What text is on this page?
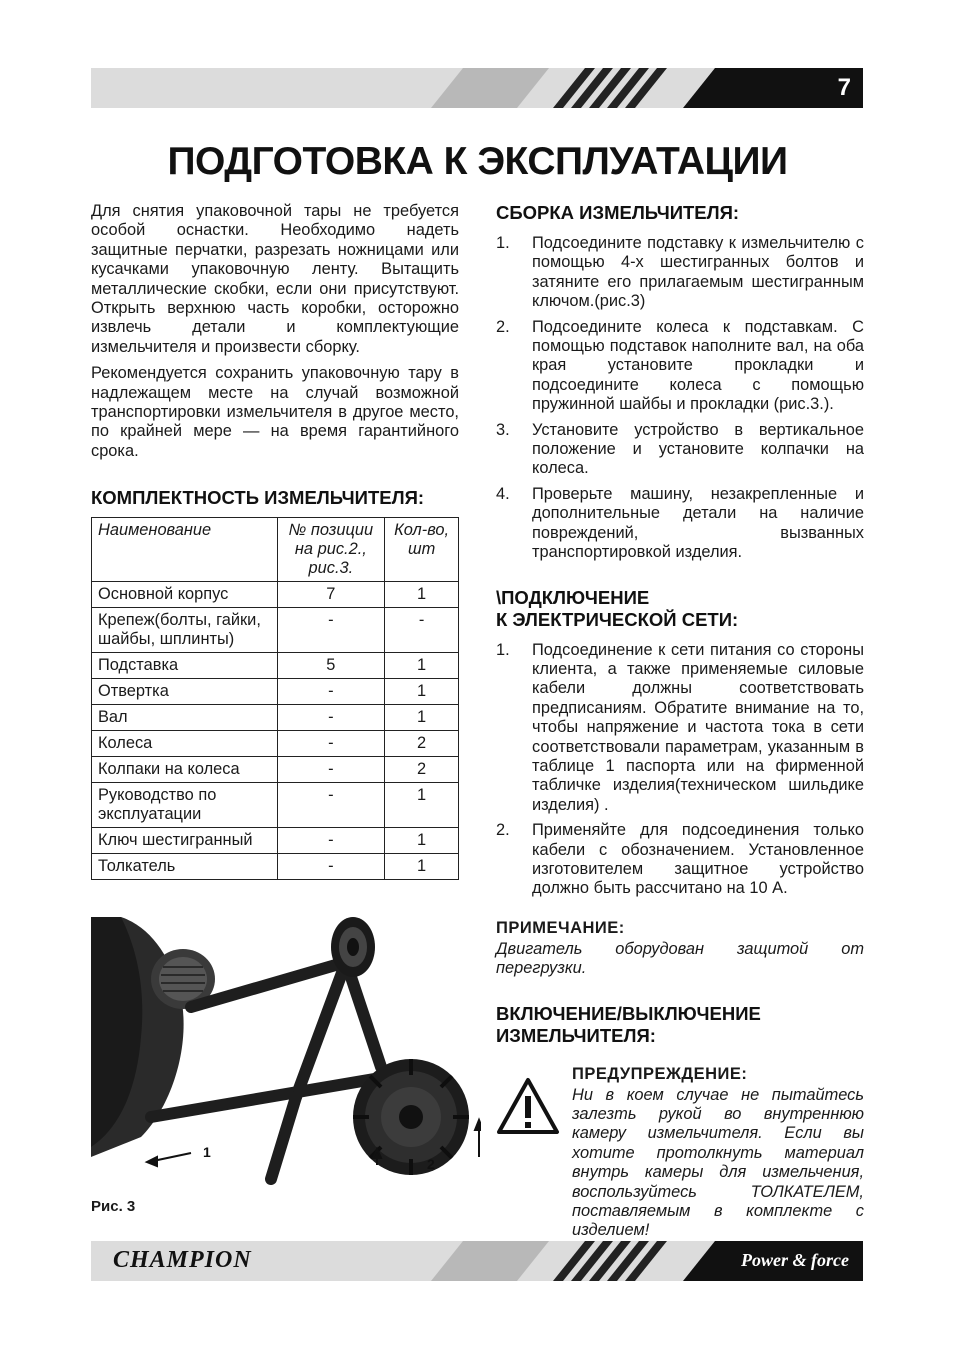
7
ПОДГОТОВКА К ЭКСПЛУАТАЦИИ

Для снятия упаковочной тары не требуется особой оснастки. Необходимо надеть защитные перчатки, разрезать ножницами или кусачками упаковочную ленту. Вытащить металлические скобки, если они присутствуют. Открыть верхнюю часть коробки, осторожно извлечь детали и комплектующие измельчителя и произвести сборку.

Рекомендуется сохранить упаковочную тару в надлежащем месте на случай возможной транспортировки измельчителя в другое место, по крайней мере — на время гарантийного срока.

КОМПЛЕКТНОСТЬ ИЗМЕЛЬЧИТЕЛЯ:
Наименование	№ позиции на рис.2., рис.3.	Кол-во, шт
Основной корпус	7	1
Крепеж(болты, гайки, шайбы, шплинты)	-	-
Подставка	5	1
Отвертка	-	1
Вал	-	1
Колеса	-	2
Колпаки на колеса	-	2
Руководство по эксплуатации	-	1
Ключ шестигранный	-	1
Толкатель	-	1
1
2
Рис. 3
СБОРКА ИЗМЕЛЬЧИТЕЛЯ:
1. Подсоедините подставку к измельчителю с помощью 4-х шестигранных болтов и затяните его прилагаемым шестигранным ключом.(рис.3)
2. Подсоедините колеса к подставкам. С помощью подставок наполните вал, на оба края установите прокладки и подсоедините колеса с помощью пружинной шайбы и прокладки (рис.3.).
3. Установите устройство в вертикальное положение и установите колпачки на колеса.
4. Проверьте машину, незакрепленные и дополнительные детали на наличие повреждений, вызванных транспортировкой изделия.
\ПОДКЛЮЧЕНИЕ
К ЭЛЕКТРИЧЕСКОЙ СЕТИ:
1. Подсоединение к сети питания со стороны клиента, а также применяемые силовые кабели должны соответствовать предписаниям. Обратите внимание на то, чтобы напряжение и частота тока в сети соответствовали параметрам, указанным в таблице 1 паспорта или на фирменной табличке изделия(техническом шильдике изделия) .
2. Применяйте для подсоединения только кабели с обозначением. Установленное изготовителем защитное устройство должно быть рассчитано на 10 А.

ПРИМЕЧАНИЕ:

Двигатель оборудован защитой от перегрузки.

ВКЛЮЧЕНИЕ/ВЫКЛЮЧЕНИЕ
ИЗМЕЛЬЧИТЕЛЯ:

ПРЕДУПРЕЖДЕНИЕ:

Ни в коем случае не пытайтесь залезть рукой во внутреннюю камеру измельчителя. Если вы хотите протолкнуть материал внутрь камеры для измельчения, воспользуйтесь ТОЛКАТЕЛЕМ, поставляемым в комплекте с изделием!

CHAMPION	Power & force
